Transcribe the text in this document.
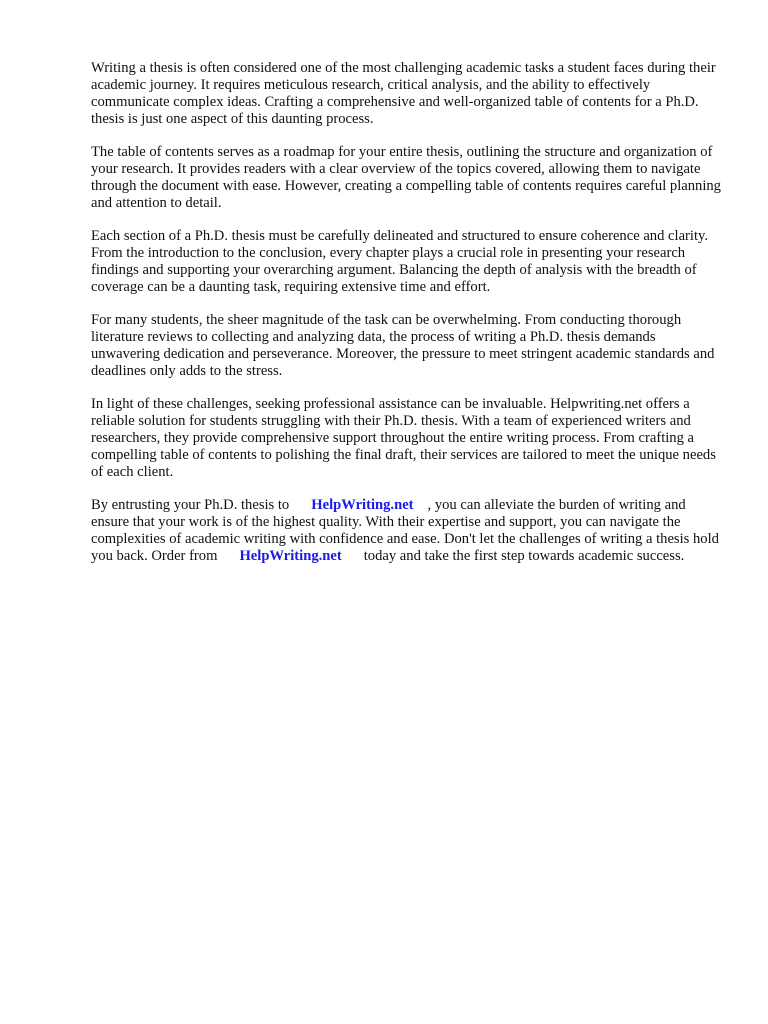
Writing a thesis is often considered one of the most challenging academic tasks a student faces during their academic journey. It requires meticulous research, critical analysis, and the ability to effectively communicate complex ideas. Crafting a comprehensive and well-organized table of contents for a Ph.D. thesis is just one aspect of this daunting process.

The table of contents serves as a roadmap for your entire thesis, outlining the structure and organization of your research. It provides readers with a clear overview of the topics covered, allowing them to navigate through the document with ease. However, creating a compelling table of contents requires careful planning and attention to detail.

Each section of a Ph.D. thesis must be carefully delineated and structured to ensure coherence and clarity. From the introduction to the conclusion, every chapter plays a crucial role in presenting your research findings and supporting your overarching argument. Balancing the depth of analysis with the breadth of coverage can be a daunting task, requiring extensive time and effort.

For many students, the sheer magnitude of the task can be overwhelming. From conducting thorough literature reviews to collecting and analyzing data, the process of writing a Ph.D. thesis demands unwavering dedication and perseverance. Moreover, the pressure to meet stringent academic standards and deadlines only adds to the stress.

In light of these challenges, seeking professional assistance can be invaluable. Helpwriting.net offers a reliable solution for students struggling with their Ph.D. thesis. With a team of experienced writers and researchers, they provide comprehensive support throughout the entire writing process. From crafting a compelling table of contents to polishing the final draft, their services are tailored to meet the unique needs of each client.

By entrusting your Ph.D. thesis to HelpWriting.net , you can alleviate the burden of writing and ensure that your work is of the highest quality. With their expertise and support, you can navigate the complexities of academic writing with confidence and ease. Don't let the challenges of writing a thesis hold you back. Order from HelpWriting.net today and take the first step towards academic success.
